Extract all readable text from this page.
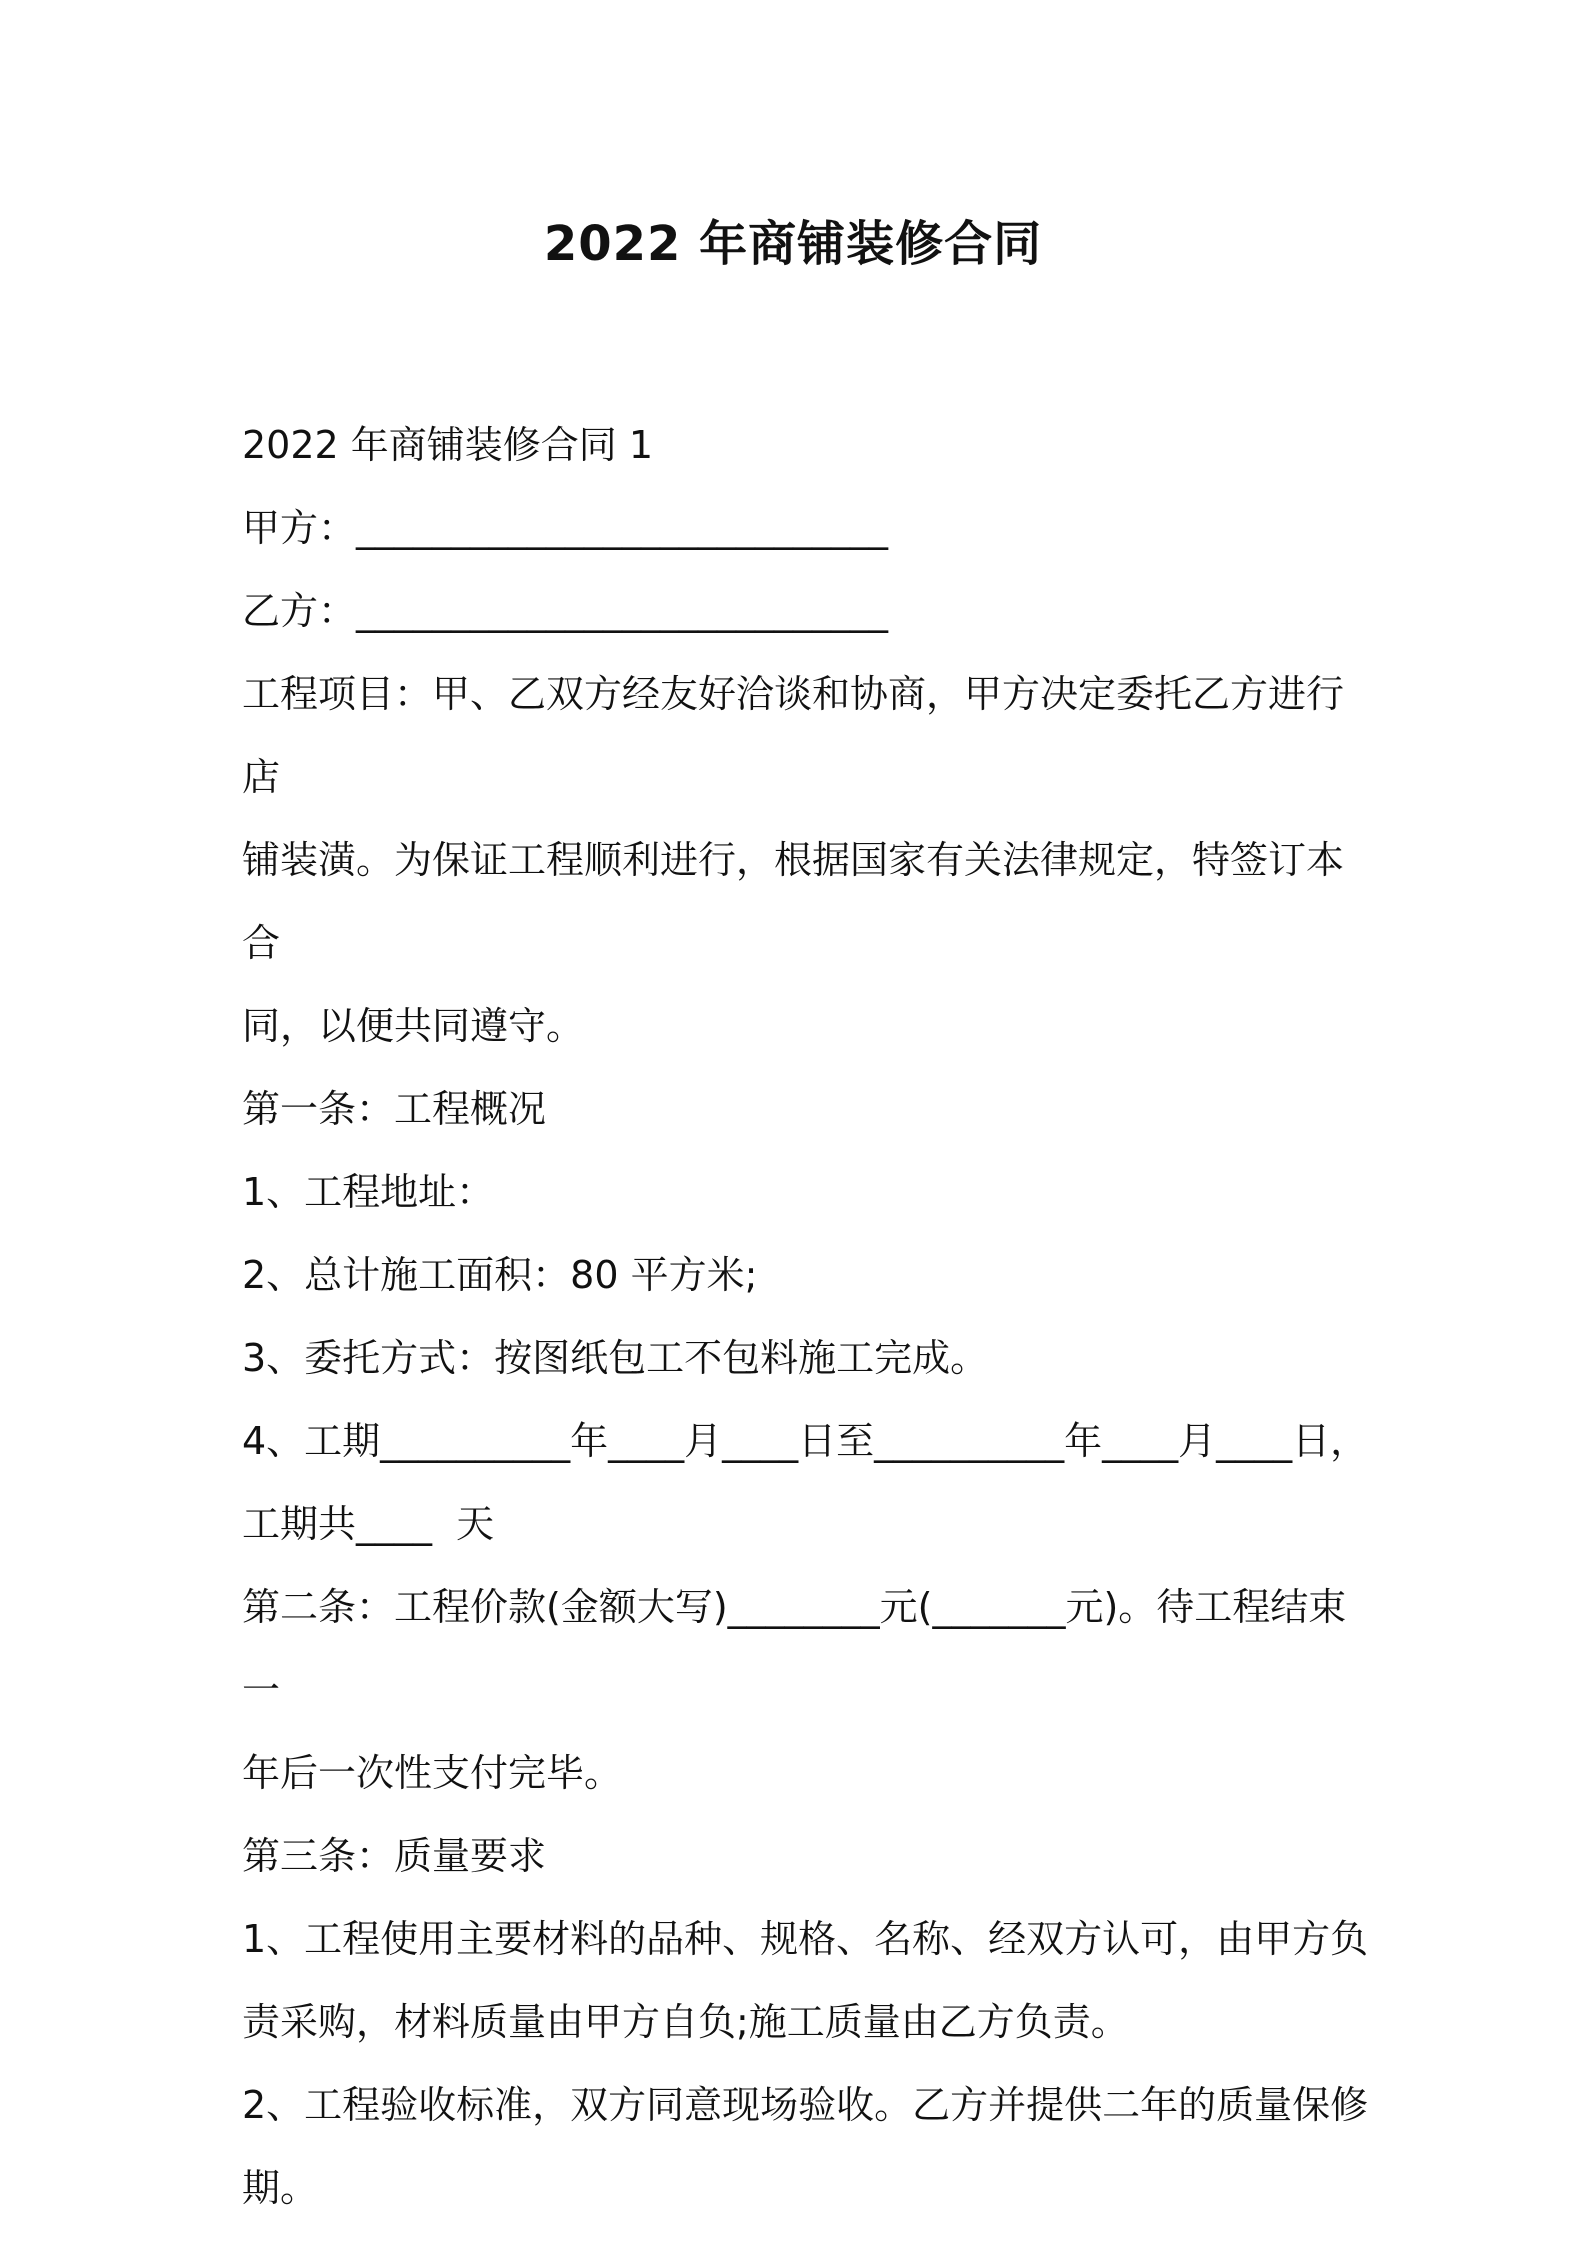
2022 年商铺装修合同

2022 年商铺装修合同 1

甲方：____________________________

乙方：____________________________

工程项目：甲、乙双方经友好洽谈和协商，甲方决定委托乙方进行店
铺装潢。为保证工程顺利进行，根据国家有关法律规定，特签订本合
同，以便共同遵守。

第一条：工程概况

1、工程地址：

2、总计施工面积：80 平方米;

3、委托方式：按图纸包工不包料施工完成。

4、工期__________年____月____日至__________年____月____日，
工期共____  天

第二条：工程价款(金额大写)________元(_______元)。待工程结束一
年后一次性支付完毕。

第三条：质量要求

1、工程使用主要材料的品种、规格、名称、经双方认可，由甲方负
责采购，材料质量由甲方自负;施工质量由乙方负责。

2、工程验收标准，双方同意现场验收。乙方并提供二年的质量保修
期。
